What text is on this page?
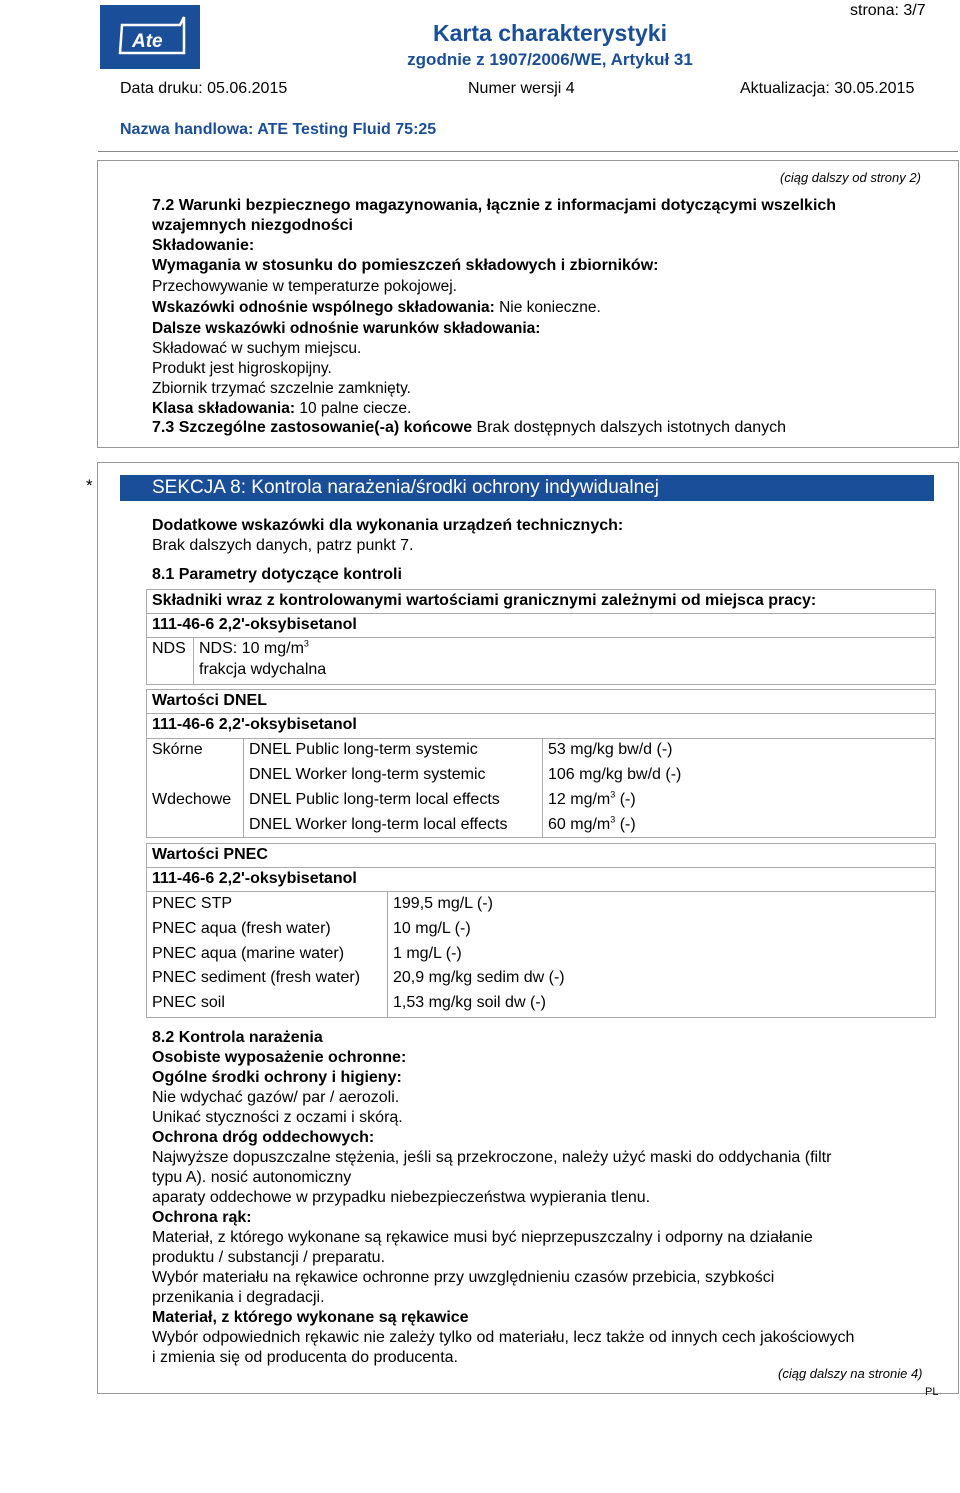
Ate
strona: 3/7
Karta charakterystyki
zgodnie z 1907/2006/WE, Artykuł 31
Data druku: 05.06.2015	Numer wersji 4	Aktualizacja: 30.05.2015
Nazwa handlowa: ATE Testing Fluid 75:25
(ciąg dalszy od strony 2)
7.2 Warunki bezpiecznego magazynowania, łącznie z informacjami dotyczącymi wszelkich
wzajemnych niezgodności
Składowanie:
Wymagania w stosunku do pomieszczeń składowych i zbiorników:
Przechowywanie w temperaturze pokojowej.
Wskazówki odnośnie wspólnego składowania: Nie konieczne.
Dalsze wskazówki odnośnie warunków składowania:
Składować w suchym miejscu.
Produkt jest higroskopijny.
Zbiornik trzymać szczelnie zamknięty.
Klasa składowania: 10 palne ciecze.
7.3 Szczególne zastosowanie(-a) końcowe Brak dostępnych dalszych istotnych danych
*	SEKCJA 8: Kontrola narażenia/środki ochrony indywidualnej
Dodatkowe wskazówki dla wykonania urządzeń technicznych:
Brak dalszych danych, patrz punkt 7.
8.1 Parametry dotyczące kontroli
Składniki wraz z kontrolowanymi wartościami granicznymi zależnymi od miejsca pracy:
111-46-6 2,2'-oksybisetanol
NDS NDS: 10 $mg/m^3$
frakcja wdychalna
Wartości DNEL
111-46-6 2,2'-oksybisetanol
Skórne	DNEL Public long-term systemic	53 mg/kg bw/d (-)
DNEL Worker long-term systemic	106 mg/kg bw/d (-)
Wdechowe DNEL Public long-term local effects	12 $mg/m^3$ (-)
DNEL Worker long-term local effects	60 $mg/m^3$ (-)
Wartości PNEC
111-46-6 2,2'-oksybisetanol
PNEC STP	199,5 mg/L (-)
PNEC aqua (fresh water)	10 mg/L (-)
PNEC aqua (marine water)	1 mg/L (-)
PNEC sediment (fresh water) 20,9 mg/kg sedim dw (-)
PNEC soil	1,53 mg/kg soil dw (-)
8.2 Kontrola narażenia
Osobiste wyposażenie ochronne:
Ogólne środki ochrony i higieny:
Nie wdychać gazów/ par / aerozoli.
Unikać styczności z oczami i skórą.
Ochrona dróg oddechowych:
Najwyższe dopuszczalne stężenia, jeśli są przekroczone, należy użyć maski do oddychania (filtr
typu A). nosić autonomiczny
aparaty oddechowe w przypadku niebezpieczeństwa wypierania tlenu.
Ochrona rąk:
Materiał, z którego wykonane są rękawice musi być nieprzepuszczalny i odporny na działanie
produktu / substancji / preparatu.
Wybór materiału na rękawice ochronne przy uwzględnieniu czasów przebicia, szybkości
przenikania i degradacji.
Materiał, z którego wykonane są rękawice
Wybór odpowiednich rękawic nie zależy tylko od materiału, lecz także od innych cech jakościowych
i zmienia się od producenta do producenta.
(ciąg dalszy na stronie 4)
PL
